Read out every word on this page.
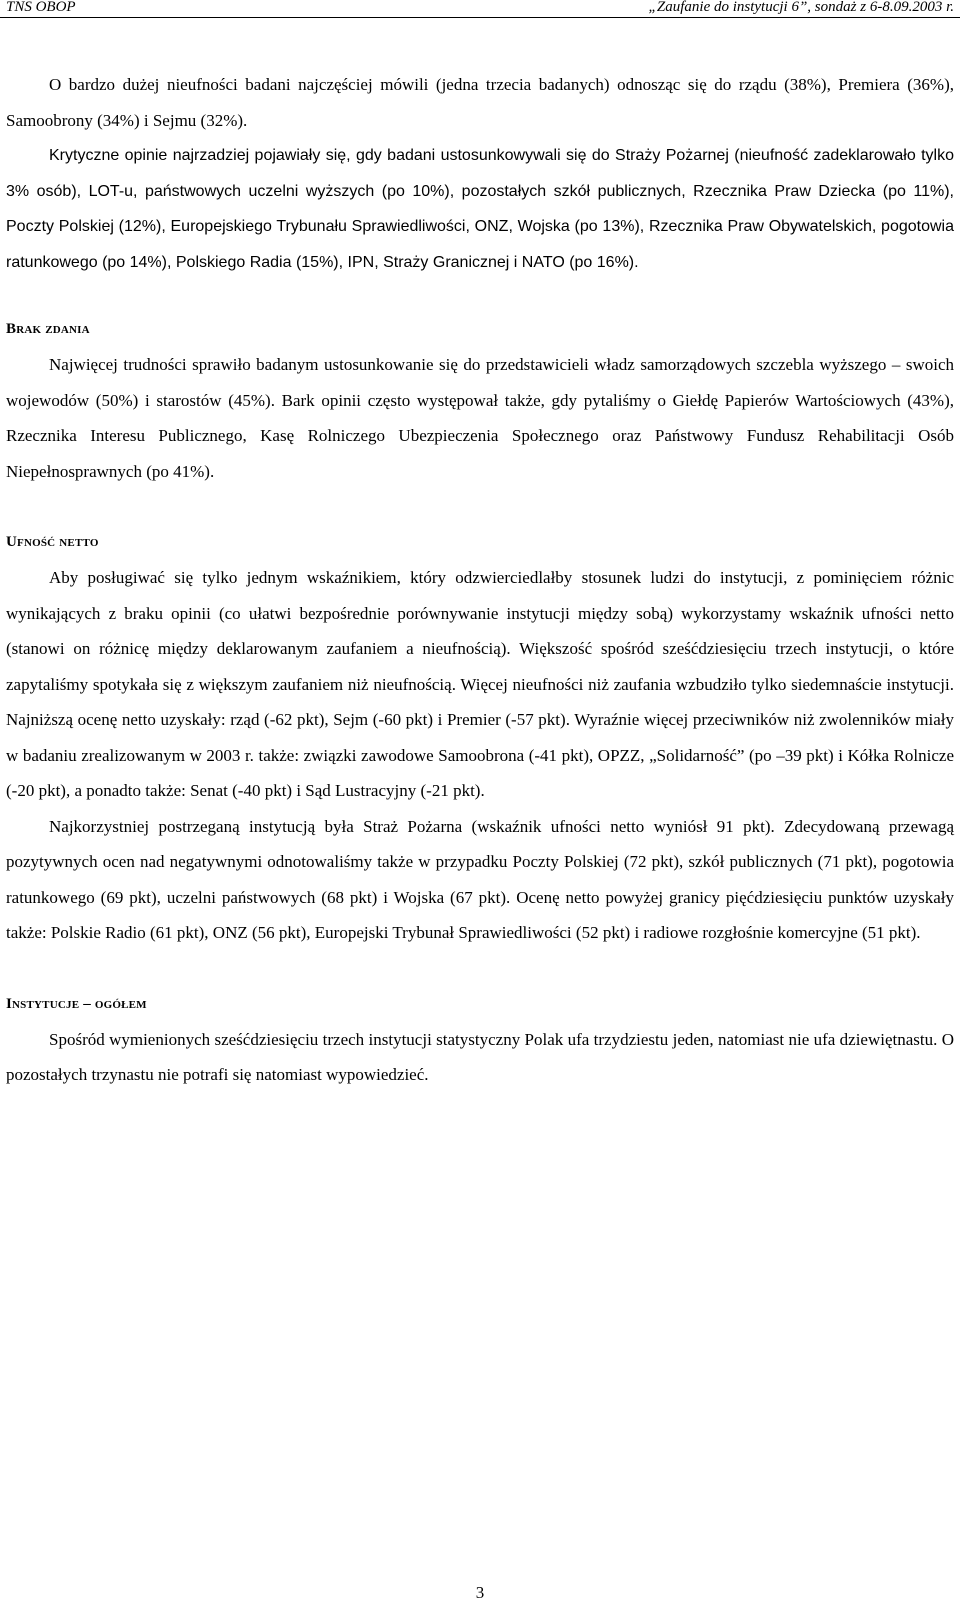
TNS OBOP	„Zaufanie do instytucji 6”, sondaż z 6-8.09.2003 r.

O bardzo dużej nieufności badani najczęściej mówili (jedna trzecia badanych) odnosząc się do rządu (38%), Premiera (36%), Samoobrony (34%) i Sejmu (32%).

Krytyczne opinie najrzadziej pojawiały się, gdy badani ustosunkowywali się do Straży Pożarnej (nieufność zadeklarowało tylko 3% osób), LOT-u, państwowych uczelni wyższych (po 10%), pozostałych szkół publicznych, Rzecznika Praw Dziecka (po 11%), Poczty Polskiej (12%), Europejskiego Trybunału Sprawiedliwości, ONZ, Wojska (po 13%), Rzecznika Praw Obywatelskich, pogotowia ratunkowego (po 14%), Polskiego Radia (15%), IPN, Straży Granicznej i NATO (po 16%).

Brak zdania

Najwięcej trudności sprawiło badanym ustosunkowanie się do przedstawicieli władz samorządowych szczebla wyższego – swoich wojewodów (50%) i starostów (45%). Bark opinii często występował także, gdy pytaliśmy o Giełdę Papierów Wartościowych (43%), Rzecznika Interesu Publicznego, Kasę Rolniczego Ubezpieczenia Społecznego oraz Państwowy Fundusz Rehabilitacji Osób Niepełnosprawnych (po 41%).

Ufność netto

Aby posługiwać się tylko jednym wskaźnikiem, który odzwierciedlałby stosunek ludzi do instytucji, z pominięciem różnic wynikających z braku opinii (co ułatwi bezpośrednie porównywanie instytucji między sobą) wykorzystamy wskaźnik ufności netto (stanowi on różnicę między deklarowanym zaufaniem a nieufnością). Większość spośród sześćdziesięciu trzech instytucji, o które zapytaliśmy spotykała się z większym zaufaniem niż nieufnością. Więcej nieufności niż zaufania wzbudziło tylko siedemnaście instytucji. Najniższą ocenę netto uzyskały: rząd (-62 pkt), Sejm (-60 pkt) i Premier (-57 pkt). Wyraźnie więcej przeciwników niż zwolenników miały w badaniu zrealizowanym w 2003 r. także: związki zawodowe Samoobrona (-41 pkt), OPZZ, „Solidarność” (po –39 pkt) i Kółka Rolnicze (-20 pkt), a ponadto także: Senat (-40 pkt) i Sąd Lustracyjny (-21 pkt).

Najkorzystniej postrzeganą instytucją była Straż Pożarna (wskaźnik ufności netto wyniósł 91 pkt). Zdecydowaną przewagą pozytywnych ocen nad negatywnymi odnotowaliśmy także w przypadku Poczty Polskiej (72 pkt), szkół publicznych (71 pkt), pogotowia ratunkowego (69 pkt), uczelni państwowych (68 pkt) i Wojska (67 pkt). Ocenę netto powyżej granicy pięćdziesięciu punktów uzyskały także: Polskie Radio (61 pkt), ONZ (56 pkt), Europejski Trybunał Sprawiedliwości (52 pkt) i radiowe rozgłośnie komercyjne (51 pkt).

Instytucje – ogółem

Spośród wymienionych sześćdziesięciu trzech instytucji statystyczny Polak ufa trzydziestu jeden, natomiast nie ufa dziewiętnastu. O pozostałych trzynastu nie potrafi się natomiast wypowiedzieć.

3
